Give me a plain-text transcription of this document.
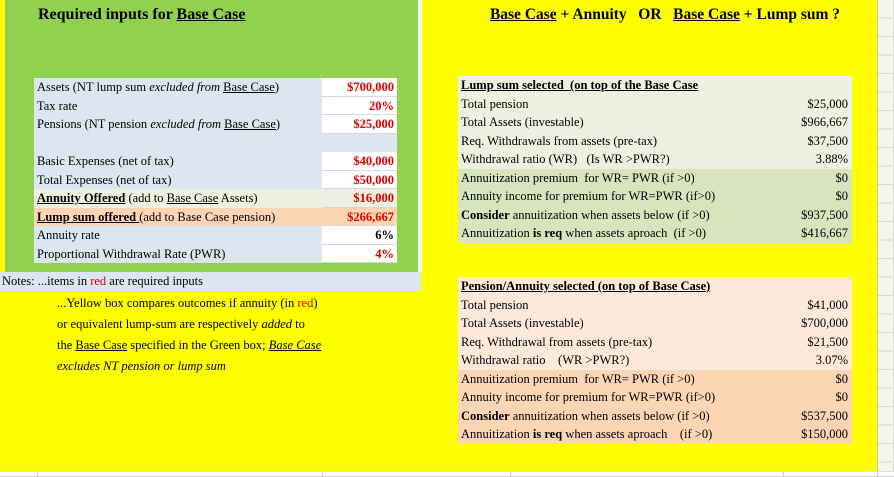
Required inputs for Base Case
Assets (NT lump sum excluded from Base Case)	$700,000
Tax rate	20%
Pensions (NT pension excluded from Base Case)	$25,000
Basic Expenses (net of tax)	$40,000
Total Expenses (net of tax)	$50,000
Annuity Offered (add to Base Case Assets)	$16,000
Lump sum offered (add to Base Case pension)	$266,667
Annuity rate	6%
Proportional Withdrawal Rate (PWR)	4%
Notes: ...items in red are required inputs
...Yellow box compares outcomes if annuity (in red)
or equivalent lump-sum are respectively added to
the Base Case specified in the Green box; Base Case
excludes NT pension or lump sum
Base Case + Annuity   OR   Base Case + Lump sum ?
Lump sum selected  (on top of the Base Case
Total pension	$25,000
Total Assets (investable)	$966,667
Req. Withdrawals from assets (pre-tax)	$37,500
Withdrawal ratio (WR)   (Is WR >PWR?)	3.88%
Annuitization premium  for WR= PWR (if >0)	$0
Annuity income for premium for WR=PWR (if>0)	$0
Consider annuitization when assets below (if >0)	$937,500
Annuitization is req when assets aproach  (if >0)	$416,667
Pension/Annuity selected (on top of Base Case)
Total pension	$41,000
Total Assets (investable)	$700,000
Req. Withdrawal from assets (pre-tax)	$21,500
Withdrawal ratio    (WR >PWR?)	3.07%
Annuitization premium  for WR= PWR (if >0)	$0
Annuity income for premium for WR=PWR (if>0)	$0
Consider annuitization when assets below (if >0)	$537,500
Annuitization is req when assets aproach    (if >0)	$150,000
